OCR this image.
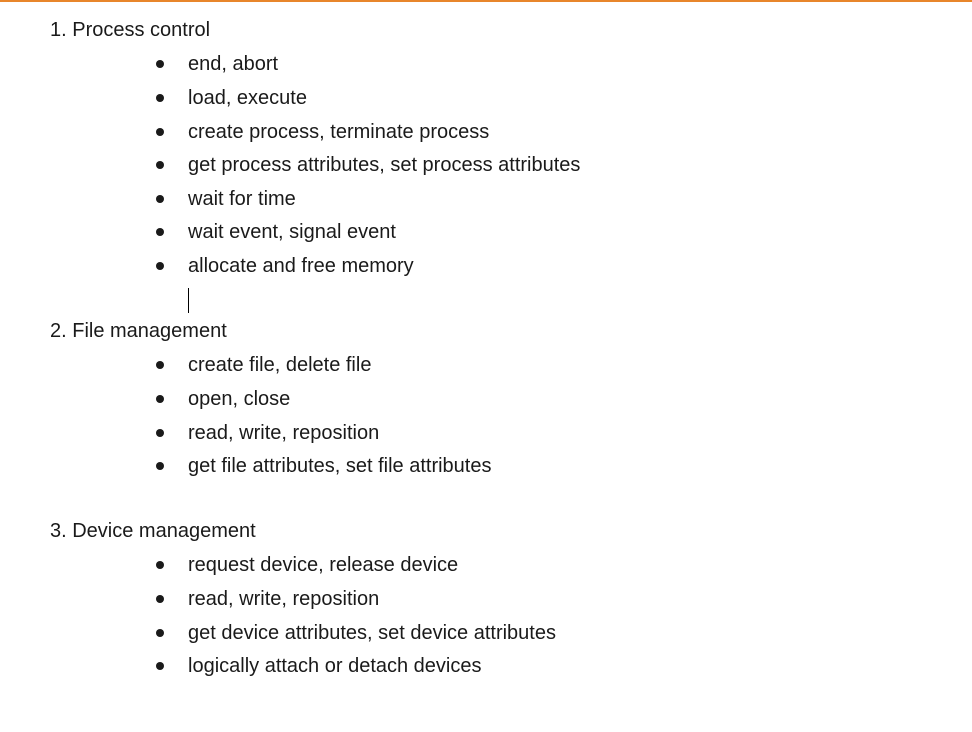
1. Process control
end, abort
load, execute
create process, terminate process
get process attributes, set process attributes
wait for time
wait event, signal event
allocate and free memory
2. File management
create file, delete file
open, close
read, write, reposition
get file attributes, set file attributes
3. Device management
request device, release device
read, write, reposition
get device attributes, set device attributes
logically attach or detach devices
